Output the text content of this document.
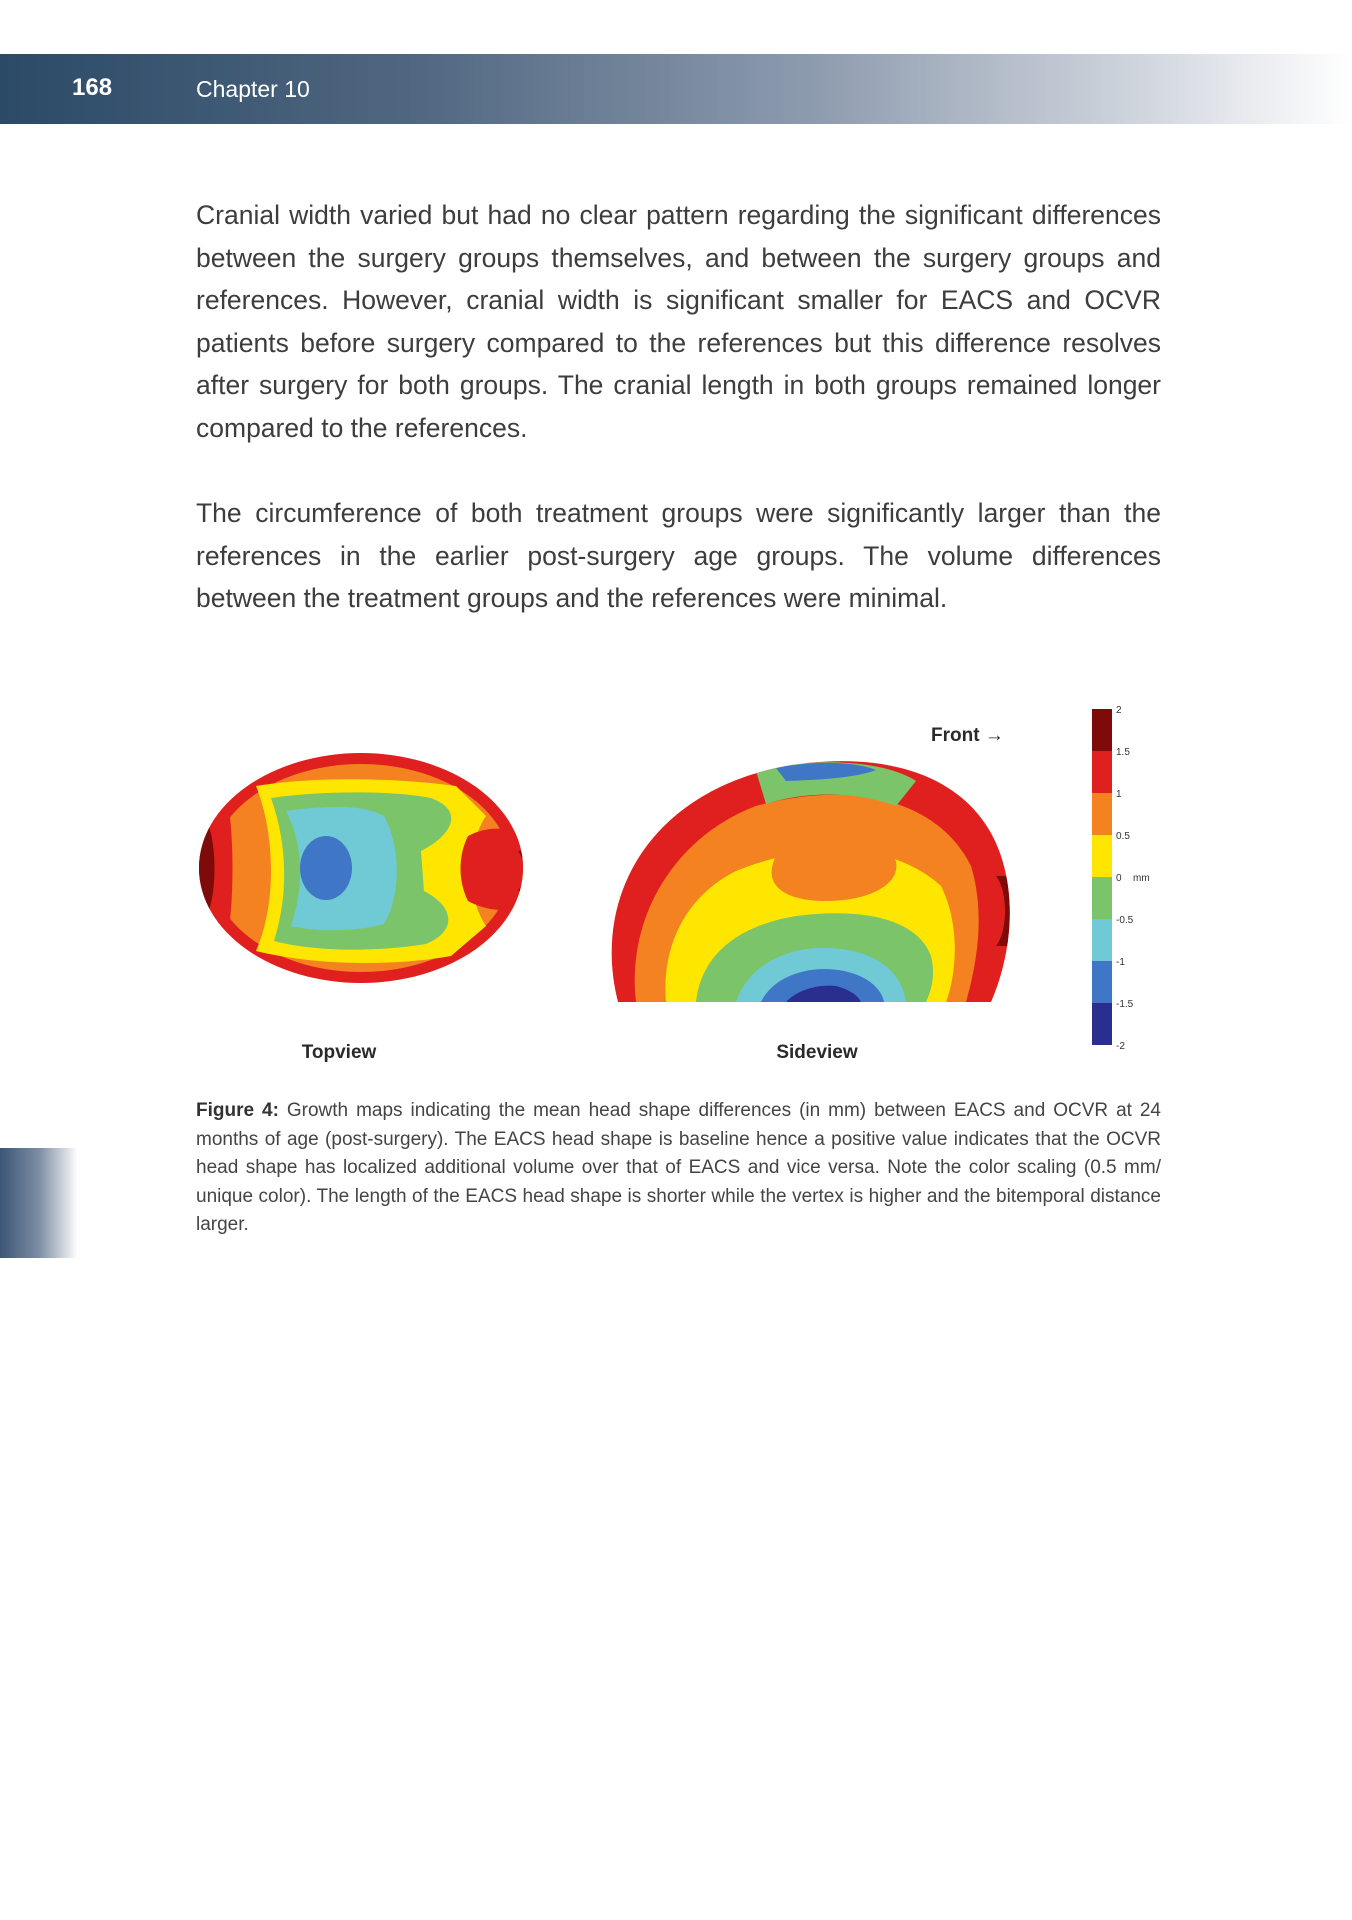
168	Chapter 10

Cranial width varied but had no clear pattern regarding the significant differences between the surgery groups themselves, and between the surgery groups and references. However, cranial width is significant smaller for EACS and OCVR patients before surgery compared to the references but this difference resolves after surgery for both groups. The cranial length in both groups remained longer compared to the references.

The circumference of both treatment groups were significantly larger than the references in the earlier post-surgery age groups. The volume differences between the treatment groups and the references were minimal.

2
1.5
1
0.5
0 mm
-0.5
-1
-1.5
-2
Front →
Topview	Sideview

Figure 4: Growth maps indicating the mean head shape differences (in mm) between EACS and OCVR at 24 months of age (post-surgery). The EACS head shape is baseline hence a positive value indicates that the OCVR head shape has localized additional volume over that of EACS and vice versa. Note the color scaling (0.5 mm/ unique color). The length of the EACS head shape is shorter while the vertex is higher and the bitemporal distance larger.
